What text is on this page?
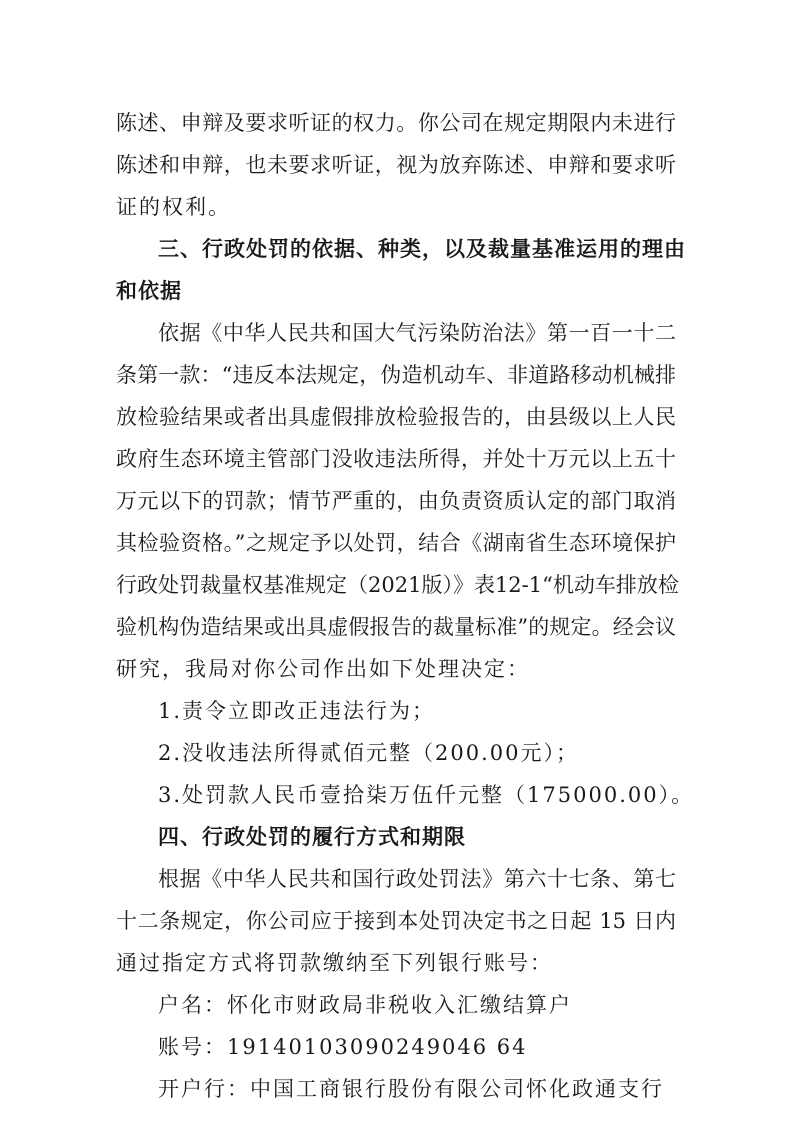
陈述、申辩及要求听证的权力。你公司在规定期限内未进行
陈述和申辩，也未要求听证，视为放弃陈述、申辩和要求听
证的权利。
三、行政处罚的依据、种类，以及裁量基准运用的理由
和依据
依据《中华人民共和国大气污染防治法》第一百一十二
条第一款：“违反本法规定，伪造机动车、非道路移动机械排
放检验结果或者出具虚假排放检验报告的，由县级以上人民
政府生态环境主管部门没收违法所得，并处十万元以上五十
万元以下的罚款；情节严重的，由负责资质认定的部门取消
其检验资格。”之规定予以处罚，结合《湖南省生态环境保护
行政处罚裁量权基准规定（2021版）》表12-1“机动车排放检
验机构伪造结果或出具虚假报告的裁量标准”的规定。经会议
研究，我局对你公司作出如下处理决定：
1.责令立即改正违法行为；
2.没收违法所得贰佰元整（200.00元）；
3.处罚款人民币壹拾柒万伍仟元整（175000.00）。
四、行政处罚的履行方式和期限
根据《中华人民共和国行政处罚法》第六十七条、第七
十二条规定，你公司应于接到本处罚决定书之日起 15 日内
通过指定方式将罚款缴纳至下列银行账号：
户名：怀化市财政局非税收入汇缴结算户
账号：19140103090249046 64
开户行：中国工商银行股份有限公司怀化政通支行
